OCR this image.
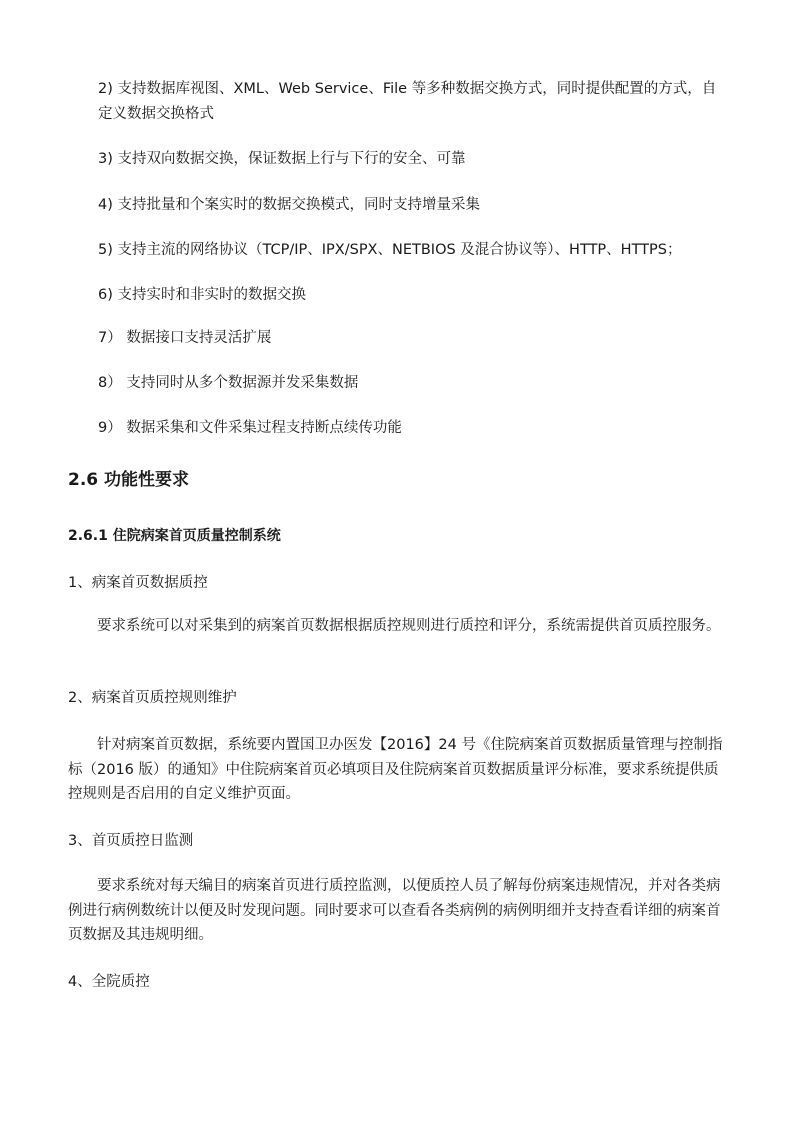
2) 支持数据库视图、XML、Web Service、File 等多种数据交换方式，同时提供配置的方式，自定义数据交换格式
3) 支持双向数据交换，保证数据上行与下行的安全、可靠
4) 支持批量和个案实时的数据交换模式，同时支持增量采集
5) 支持主流的网络协议（TCP/IP、IPX/SPX、NETBIOS 及混合协议等）、HTTP、HTTPS；
6) 支持实时和非实时的数据交换
7） 数据接口支持灵活扩展
8） 支持同时从多个数据源并发采集数据
9） 数据采集和文件采集过程支持断点续传功能
2.6 功能性要求
2.6.1 住院病案首页质量控制系统
1、病案首页数据质控
要求系统可以对采集到的病案首页数据根据质控规则进行质控和评分，系统需提供首页质控服务。
2、病案首页质控规则维护
针对病案首页数据，系统要内置国卫办医发【2016】24 号《住院病案首页数据质量管理与控制指标（2016 版）的通知》中住院病案首页必填项目及住院病案首页数据质量评分标准，要求系统提供质控规则是否启用的自定义维护页面。
3、首页质控日监测
要求系统对每天编目的病案首页进行质控监测，以便质控人员了解每份病案违规情况，并对各类病例进行病例数统计以便及时发现问题。同时要求可以查看各类病例的病例明细并支持查看详细的病案首页数据及其违规明细。
4、全院质控
